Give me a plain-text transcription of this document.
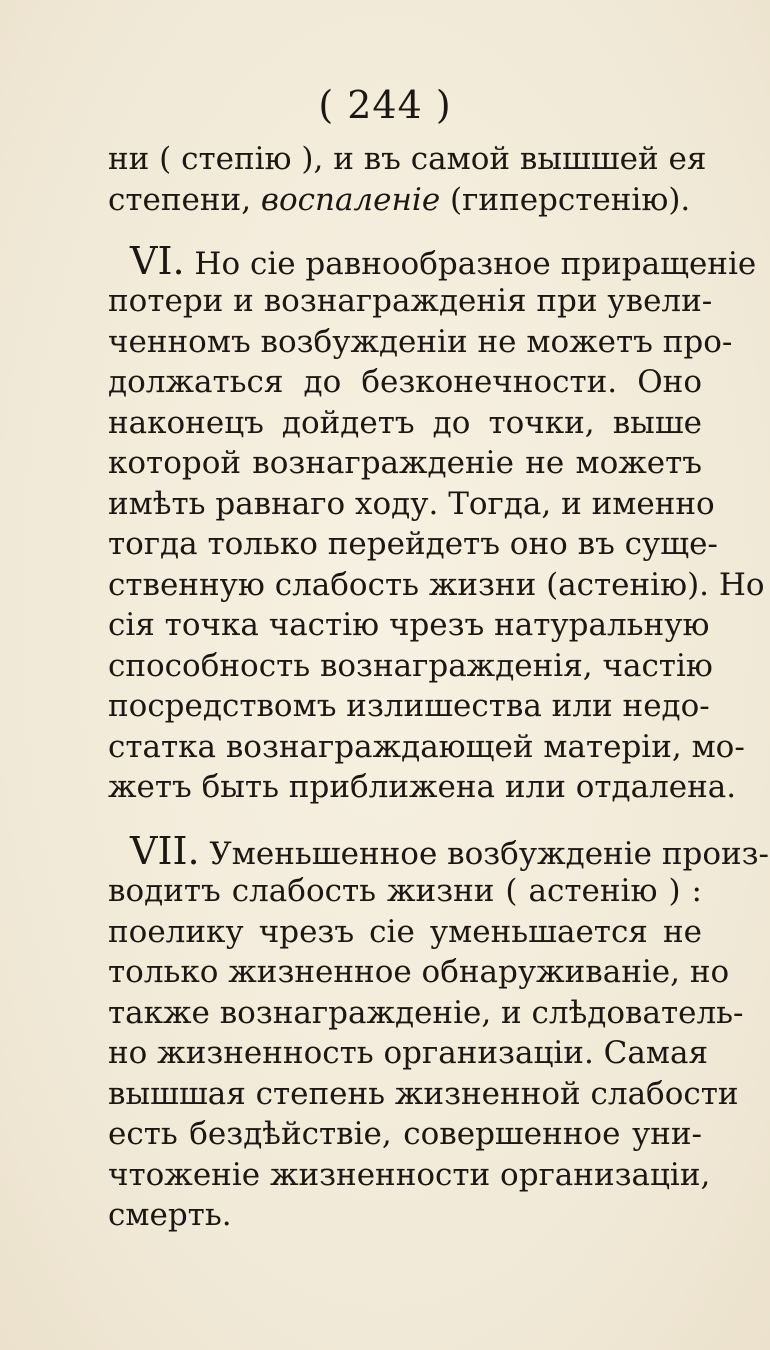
( 244 )
ни ( степiю ), и въ самой вышшей ея
степени, воспаленiе (гиперстенiю).
VI. Но сiе равнообразное приращенiе
потери и вознагражденiя при увели-
ченномъ возбужденiи не можетъ про-
должаться до безконечности. Оно
наконецъ дойдетъ до точки, выше
которой вознагражденiе не можетъ
имѣть равнаго ходу. Тогда, и именно
тогда только перейдетъ оно въ суще-
ственную слабость жизни (астенiю). Но
сiя точка частiю чрезъ натуральную
способность вознагражденiя, частiю
посредствомъ излишества или недо-
статка вознаграждающей матерiи, мо-
жетъ быть приближена или отдалена.
VII. Уменьшенное возбужденiе произ-
водитъ слабость жизни ( астенiю ) :
поелику чрезъ сiе уменьшается не
только жизненное обнаруживанiе, но
также вознагражденiе, и слѣдователь-
но жизненность организацiи. Самая
вышшая степень жизненной слабости
есть бездѣйствiе, совершенное уни-
чтоженiе жизненности организацiи,
смерть.
